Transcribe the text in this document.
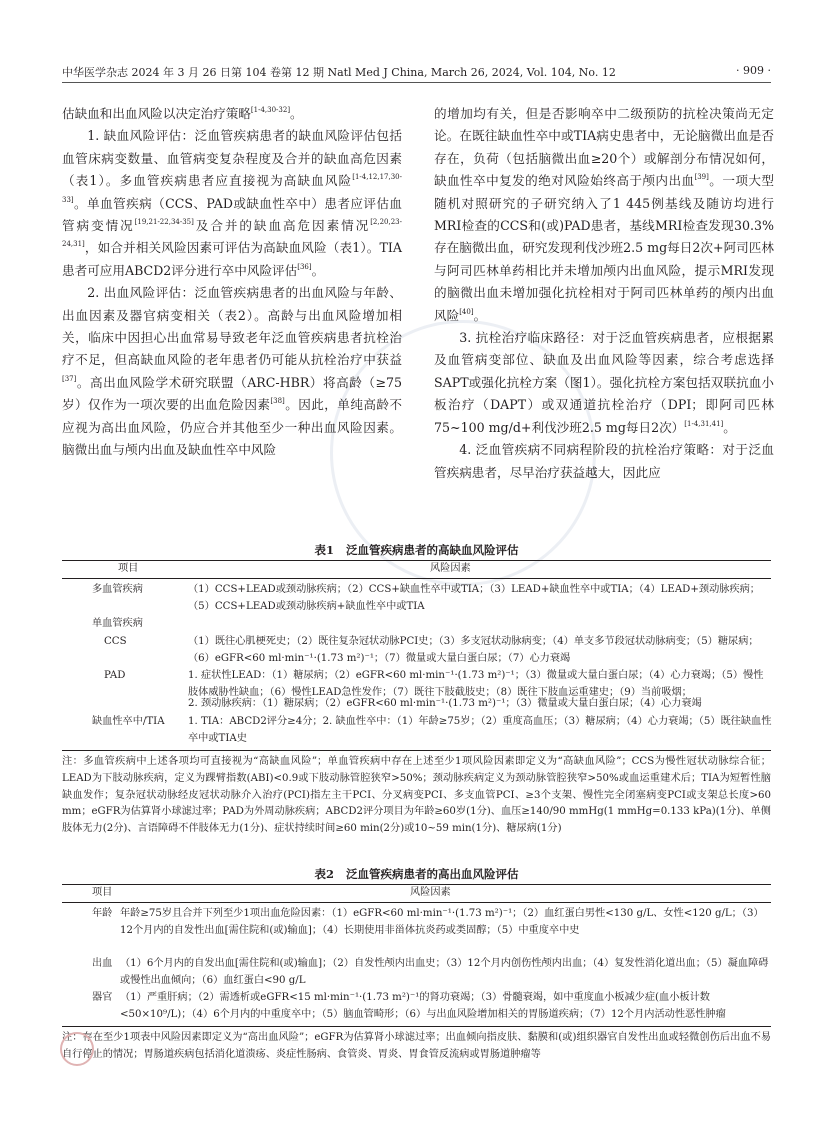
中华医学杂志 2024 年 3 月 26 日第 104 卷第 12 期 Natl Med J China, March 26, 2024, Vol. 104, No. 12	· 909 ·

估缺血和出血风险以决定治疗策略[1-4,30-32]。

1. 缺血风险评估：泛血管疾病患者的缺血风险评估包括血管床病变数量、血管病变复杂程度及合并的缺血高危因素（表1）。多血管疾病患者应直接视为高缺血风险[1-4,12,17,30-33]。单血管疾病（CCS、PAD或缺血性卒中）患者应评估血管病变情况[19,21-22,34-35]及合并的缺血高危因素情况[2,20,23-24,31]，如合并相关风险因素可评估为高缺血风险（表1）。TIA患者可应用ABCD2评分进行卒中风险评估[36]。

2. 出血风险评估：泛血管疾病患者的出血风险与年龄、出血因素及器官病变相关（表2）。高龄与出血风险增加相关，临床中因担心出血常易导致老年泛血管疾病患者抗栓治疗不足，但高缺血风险的老年患者仍可能从抗栓治疗中获益[37]。高出血风险学术研究联盟（ARC-HBR）将高龄（≥75岁）仅作为一项次要的出血危险因素[38]。因此，单纯高龄不应视为高出血风险，仍应合并其他至少一种出血风险因素。脑微出血与颅内出血及缺血性卒中风险

的增加均有关，但是否影响卒中二级预防的抗栓决策尚无定论。在既往缺血性卒中或TIA病史患者中，无论脑微出血是否存在，负荷（包括脑微出血≥20个）或解剖分布情况如何，缺血性卒中复发的绝对风险始终高于颅内出血[39]。一项大型随机对照研究的子研究纳入了1 445例基线及随访均进行MRI检查的CCS和(或)PAD患者，基线MRI检查发现30.3%存在脑微出血，研究发现利伐沙班2.5 mg每日2次+阿司匹林与阿司匹林单药相比并未增加颅内出血风险，提示MRI发现的脑微出血未增加强化抗栓相对于阿司匹林单药的颅内出血风险[40]。

3. 抗栓治疗临床路径：对于泛血管疾病患者，应根据累及血管病变部位、缺血及出血风险等因素，综合考虑选择SAPT或强化抗栓方案（图1）。强化抗栓方案包括双联抗血小板治疗（DAPT）或双通道抗栓治疗（DPI；即阿司匹林75~100 mg/d+利伐沙班2.5 mg每日2次）[1-4,31,41]。

4. 泛血管疾病不同病程阶段的抗栓治疗策略：对于泛血管疾病患者，尽早治疗获益越大，因此应

表1 泛血管疾病患者的高缺血风险评估
项目	风险因素
多血管疾病	（1）CCS+LEAD或颈动脉疾病；（2）CCS+缺血性卒中或TIA；（3）LEAD+缺血性卒中或TIA；（4）LEAD+颈动脉疾病；（5）CCS+LEAD或颈动脉疾病+缺血性卒中或TIA
单血管疾病
CCS	（1）既往心肌梗死史；（2）既往复杂冠状动脉PCI史；（3）多支冠状动脉病变；（4）单支多节段冠状动脉病变；（5）糖尿病；（6）eGFR<60 ml·min⁻¹·(1.73 m²)⁻¹；（7）微量或大量白蛋白尿；（7）心力衰竭
PAD	1. 症状性LEAD：（1）糖尿病；（2）eGFR<60 ml·min⁻¹·(1.73 m²)⁻¹；（3）微量或大量白蛋白尿；（4）心力衰竭；（5）慢性肢体威胁性缺血；（6）慢性LEAD急性发作；（7）既往下肢截肢史；（8）既往下肢血运重建史；（9）当前吸烟；
2. 颈动脉疾病：（1）糖尿病；（2）eGFR<60 ml·min⁻¹·(1.73 m²)⁻¹；（3）微量或大量白蛋白尿；（4）心力衰竭
缺血性卒中/TIA 1. TIA：ABCD2评分≥4分；2. 缺血性卒中：（1）年龄≥75岁；（2）重度高血压；（3）糖尿病；（4）心力衰竭；（5）既往缺血性卒中或TIA史
注：多血管疾病中上述各项均可直接视为“高缺血风险”；单血管疾病中存在上述至少1项风险因素即定义为“高缺血风险”；CCS为慢性冠状动脉综合征；LEAD为下肢动脉疾病，定义为踝臂指数(ABI)<0.9或下肢动脉管腔狭窄>50%；颈动脉疾病定义为颈动脉管腔狭窄>50%或血运重建术后；TIA为短暂性脑缺血发作；复杂冠状动脉经皮冠状动脉介入治疗(PCI)指左主干PCI、分叉病变PCI、多支血管PCI、≥3个支架、慢性完全闭塞病变PCI或支架总长度>60 mm；eGFR为估算肾小球滤过率；PAD为外周动脉疾病；ABCD2评分项目为年龄≥60岁(1分)、血压≥140/90 mmHg(1 mmHg=0.133 kPa)(1分)、单侧肢体无力(2分)、言语障碍不伴肢体无力(1分)、症状持续时间≥60 min(2分)或10~59 min(1分)、糖尿病(1分)
表2 泛血管疾病患者的高出血风险评估
项目	风险因素
年龄 年龄≥75岁且合并下列至少1项出血危险因素：（1）eGFR<60 ml·min⁻¹·(1.73 m²)⁻¹；（2）血红蛋白男性<130 g/L、女性<120 g/L；（3）12个月内的自发性出血[需住院和(或)输血]；（4）长期使用非甾体抗炎药或类固醇；（5）中重度卒中史
出血 （1）6个月内的自发出血[需住院和(或)输血]；（2）自发性颅内出血史；（3）12个月内创伤性颅内出血；（4）复发性消化道出血；（5）凝血障碍或慢性出血倾向；（6）血红蛋白<90 g/L
器官 （1）严重肝病；（2）需透析或eGFR<15 ml·min⁻¹·(1.73 m²)⁻¹的肾功衰竭；（3）骨髓衰竭，如中重度血小板减少症(血小板计数<50×10⁹/L)；（4）6个月内的中重度卒中；（5）脑血管畸形；（6）与出血风险增加相关的胃肠道疾病；（7）12个月内活动性恶性肿瘤
注：存在至少1项表中风险因素即定义为“高出血风险”；eGFR为估算肾小球滤过率；出血倾向指皮肤、黏膜和(或)组织器官自发性出血或轻微创伤后出血不易自行停止的情况；胃肠道疾病包括消化道溃疡、炎症性肠病、食管炎、胃炎、胃食管反流病或胃肠道肿瘤等
